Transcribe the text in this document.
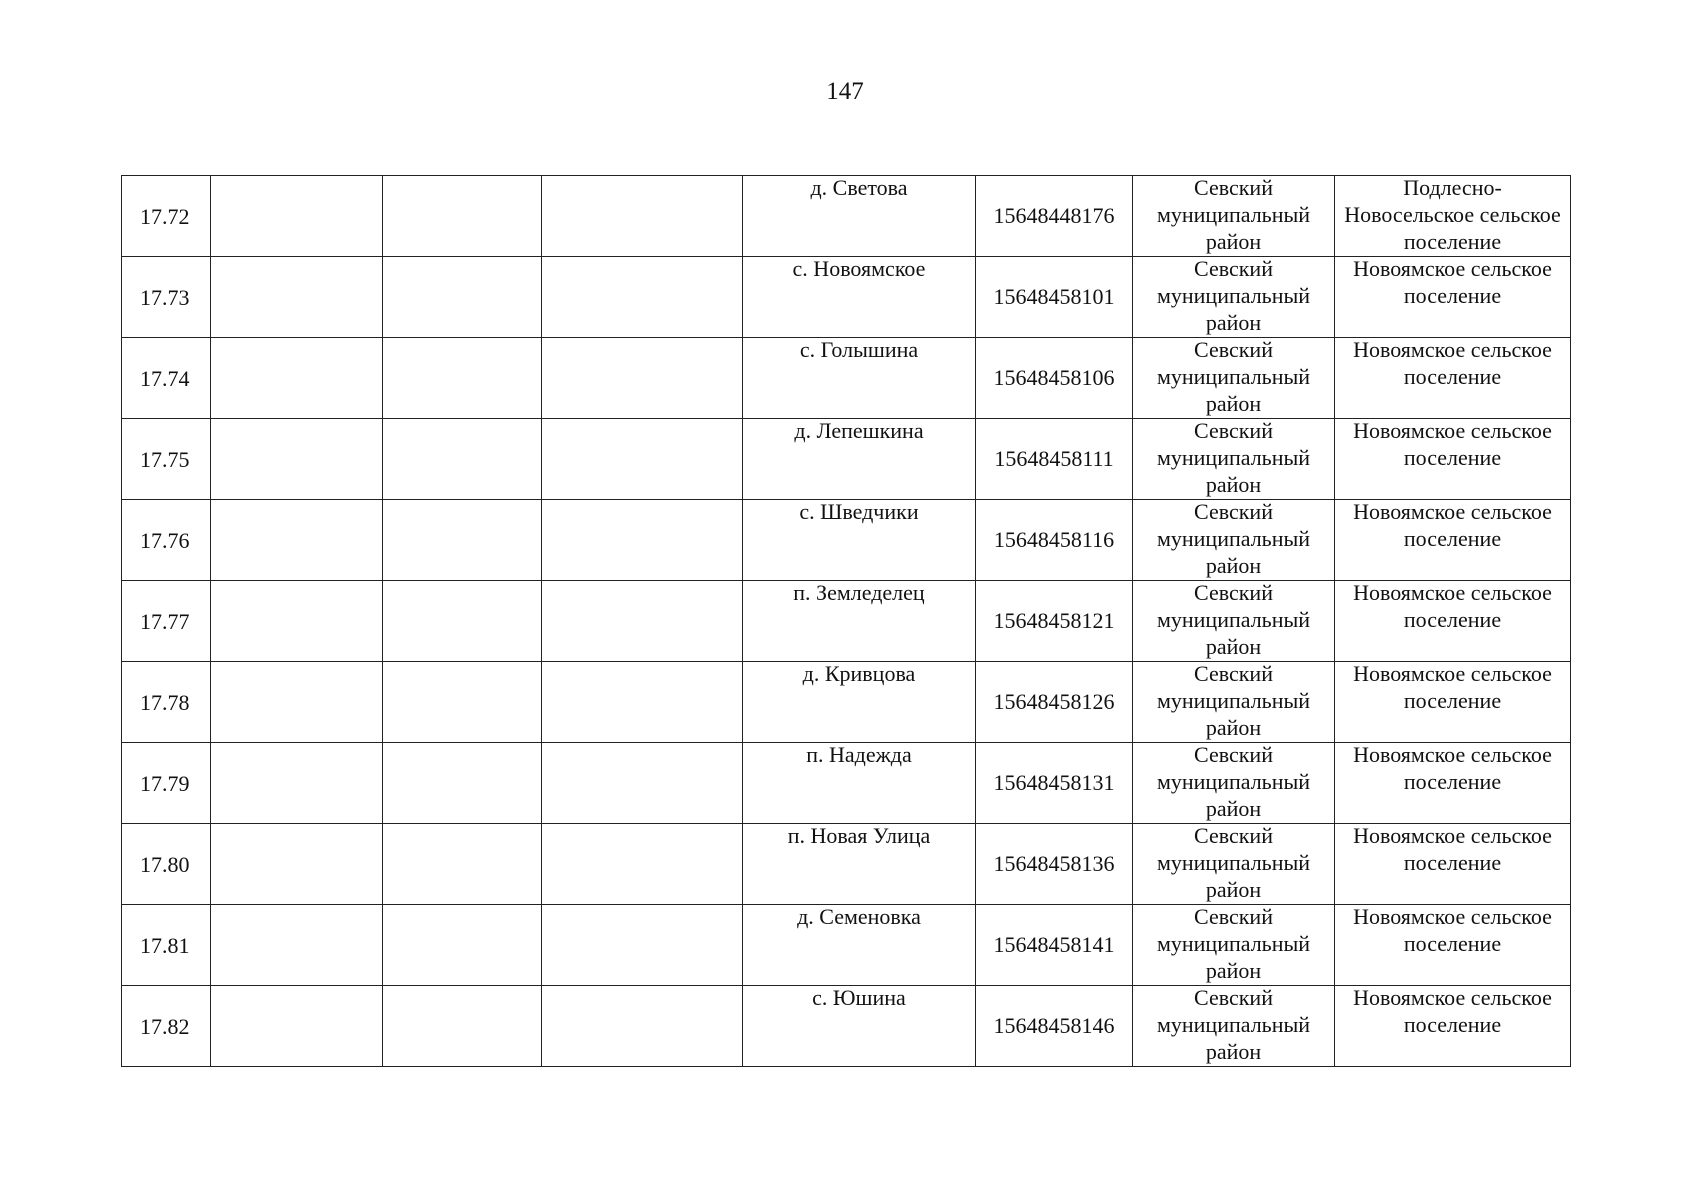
147
17.72				д. Светова	15648448176	Севский муниципальный район	Подлесно-Новосельское сельское поселение

17.73				с. Новоямское	15648458101	Севский муниципальный район	Новоямское сельское поселение

17.74				с. Голышина	15648458106	Севский муниципальный район	Новоямское сельское поселение

17.75				д. Лепешкина	15648458111	Севский муниципальный район	Новоямское сельское поселение

17.76				с. Шведчики	15648458116	Севский муниципальный район	Новоямское сельское поселение

17.77				п. Земледелец	15648458121	Севский муниципальный район	Новоямское сельское поселение

17.78				д. Кривцова	15648458126	Севский муниципальный район	Новоямское сельское поселение

17.79				п. Надежда	15648458131	Севский муниципальный район	Новоямское сельское поселение

17.80				п. Новая Улица	15648458136	Севский муниципальный район	Новоямское сельское поселение

17.81				д. Семеновка	15648458141	Севский муниципальный район	Новоямское сельское поселение

17.82				с. Юшина	15648458146	Севский муниципальный район	Новоямское сельское поселение
